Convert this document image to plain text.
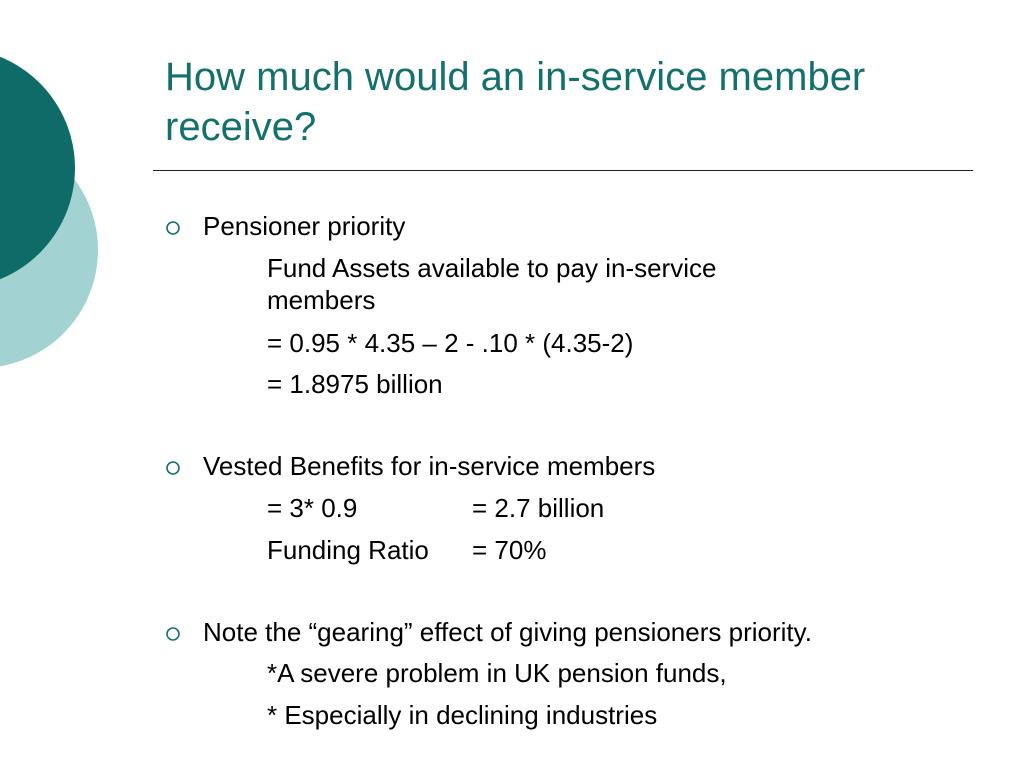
How much would an in-service member
receive?
Pensioner priority
Fund Assets available to pay in-service
members
= 0.95 * 4.35 – 2 - .10 * (4.35-2)
= 1.8975 billion
Vested Benefits for in-service members
= 3* 0.9	= 2.7 billion
Funding Ratio = 70%
Note the “gearing” effect of giving pensioners priority.
*A severe problem in UK pension funds,
* Especially in declining industries
